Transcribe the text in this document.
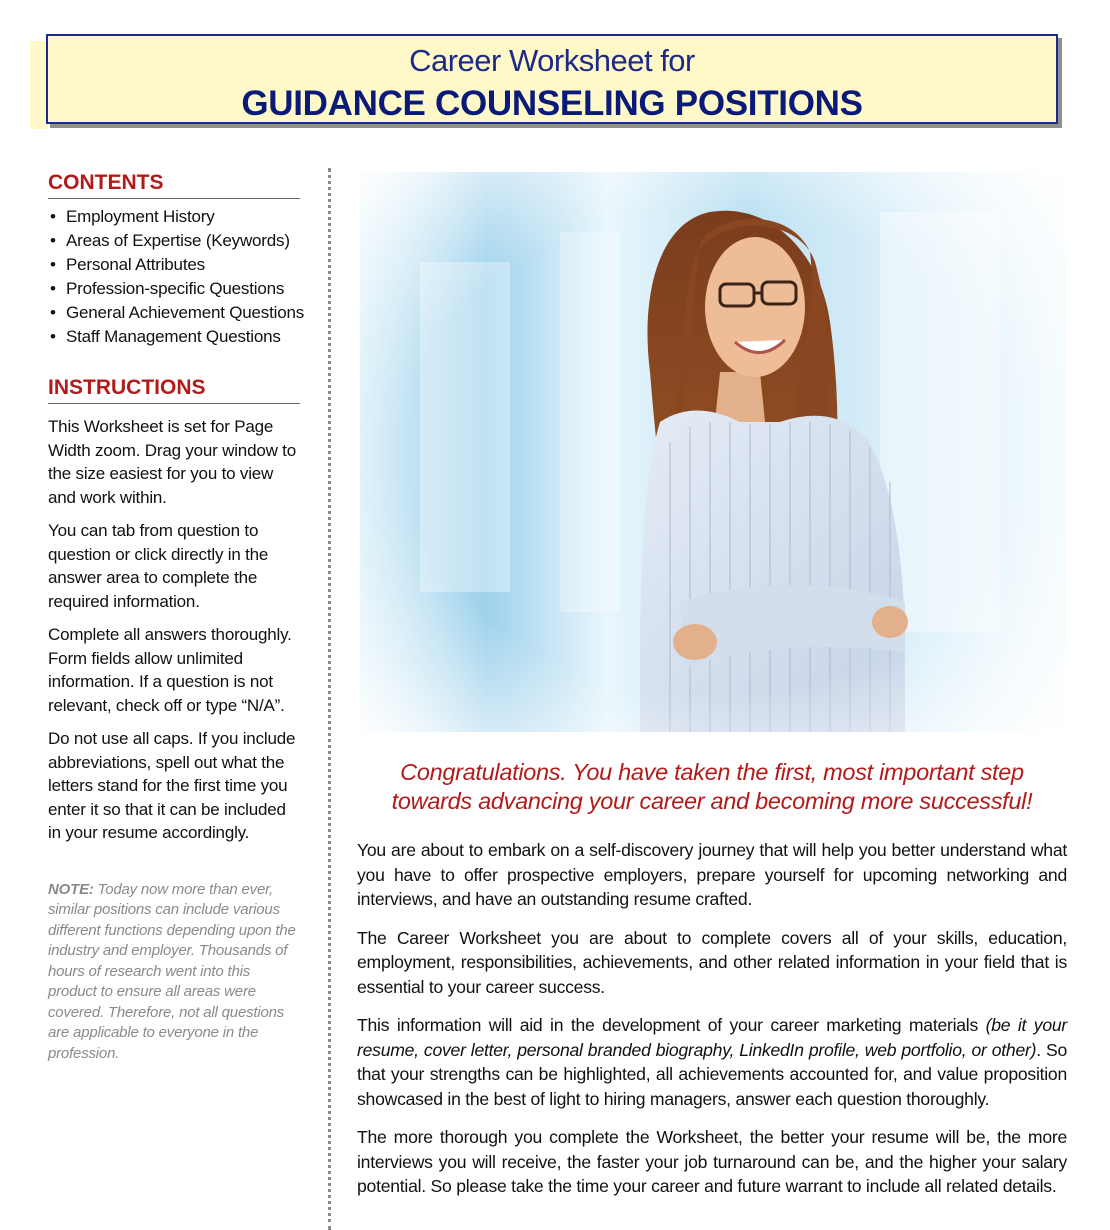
Career Worksheet for
GUIDANCE COUNSELING POSITIONS
CONTENTS
• Employment History
• Areas of Expertise (Keywords)
• Personal Attributes
• Profession-specific Questions
• General Achievement Questions
• Staff Management Questions
INSTRUCTIONS

This Worksheet is set for Page Width zoom. Drag your window to the size easiest for you to view and work within.

You can tab from question to question or click directly in the answer area to complete the required information.

Complete all answers thoroughly. Form fields allow unlimited information. If a question is not relevant, check off or type “N/A”.

Do not use all caps. If you include abbreviations, spell out what the letters stand for the first time you enter it so that it can be included in your resume accordingly.

NOTE: Today now more than ever, similar positions can include various different functions depending upon the industry and employer. Thousands of hours of research went into this product to ensure all areas were covered. Therefore, not all questions are applicable to everyone in the profession.
Congratulations. You have taken the first, most important step
towards advancing your career and becoming more successful!

You are about to embark on a self-discovery journey that will help you better understand what you have to offer prospective employers, prepare yourself for upcoming networking and interviews, and have an outstanding resume crafted.

The Career Worksheet you are about to complete covers all of your skills, education, employment, responsibilities, achievements, and other related information in your field that is essential to your career success.

This information will aid in the development of your career marketing materials (be it your resume, cover letter, personal branded biography, LinkedIn profile, web portfolio, or other). So that your strengths can be highlighted, all achievements accounted for, and value proposition showcased in the best of light to hiring managers, answer each question thoroughly.

The more thorough you complete the Worksheet, the better your resume will be, the more interviews you will receive, the faster your job turnaround can be, and the higher your salary potential. So please take the time your career and future warrant to include all related details.
